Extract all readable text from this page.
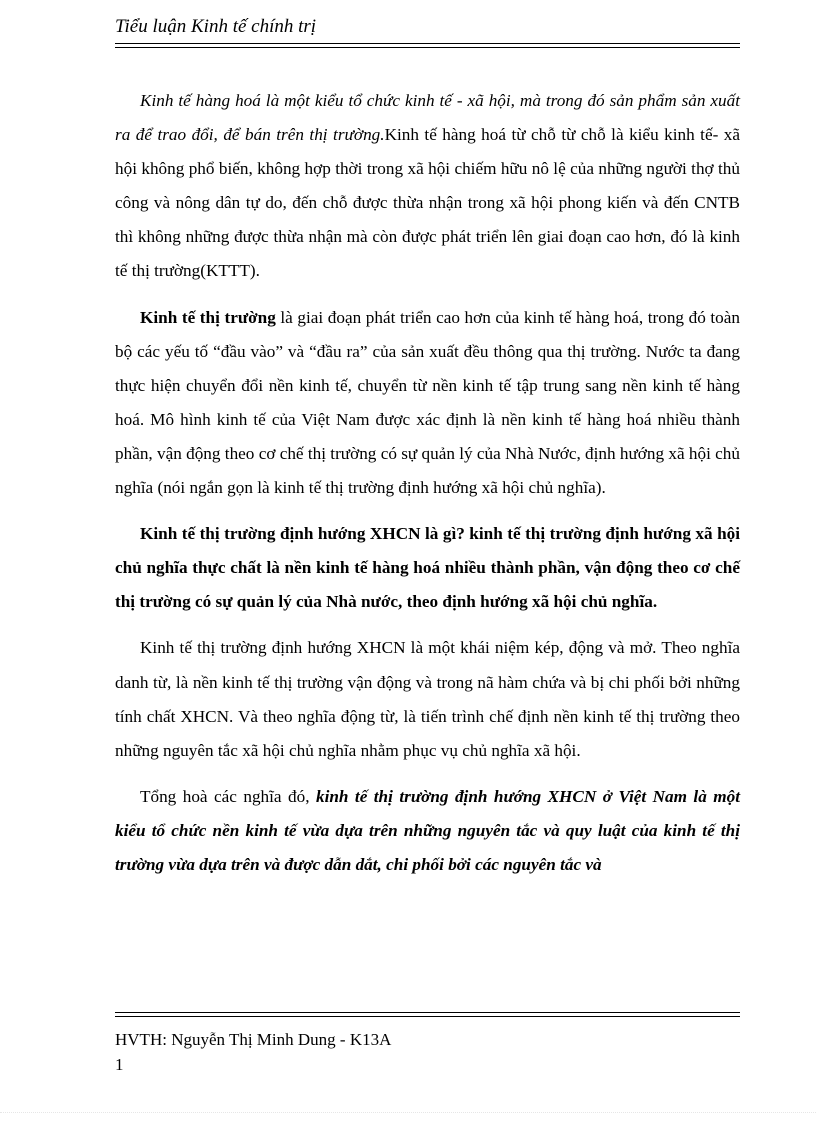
Tiểu luận Kinh tế chính trị

Kinh tế hàng hoá là một kiểu tổ chức kinh tế - xã hội, mà trong đó sản phẩm sản xuất ra để trao đổi, để bán trên thị trường.Kinh tế hàng hoá từ chỗ từ chỗ là kiểu kinh tế- xã hội không phổ biến, không hợp thời trong xã hội chiếm hữu nô lệ của những người thợ thủ công và nông dân tự do, đến chỗ được thừa nhận trong xã hội phong kiến và đến CNTB thì không những được thừa nhận mà còn được phát triển lên giai đoạn cao hơn, đó là kinh tế thị trường(KTTT).

Kinh tế thị trường là giai đoạn phát triển cao hơn của kinh tế hàng hoá, trong đó toàn bộ các yếu tố “đầu vào” và “đầu ra” của sản xuất đều thông qua thị trường. Nước ta đang thực hiện chuyển đổi nền kinh tế, chuyển từ nền kinh tế tập trung sang nền kinh tế hàng hoá. Mô hình kinh tế của Việt Nam được xác định là nền kinh tế hàng hoá nhiều thành phần, vận động theo cơ chế thị trường có sự quản lý của Nhà Nước, định hướng xã hội chủ nghĩa (nói ngắn gọn là kinh tế thị trường định hướng xã hội chủ nghĩa).

Kinh tế thị trường định hướng XHCN là gì? kinh tế thị trường định hướng xã hội chủ nghĩa thực chất là nền kinh tế hàng hoá nhiều thành phần, vận động theo cơ chế thị trường có sự quản lý của Nhà nước, theo định hướng xã hội chủ nghĩa.

Kinh tế thị trường định hướng XHCN là một khái niệm kép, động và mở. Theo nghĩa danh từ, là nền kinh tế thị trường vận động và trong nã hàm chứa và bị chi phối bởi những tính chất XHCN. Và theo nghĩa động từ, là tiến trình chế định nền kinh tế thị trường theo những nguyên tắc xã hội chủ nghĩa nhằm phục vụ chủ nghĩa xã hội.

Tổng hoà các nghĩa đó, kinh tế thị trường định hướng XHCN ở Việt Nam là một kiểu tổ chức nền kinh tế vừa dựa trên những nguyên tắc và quy luật của kinh tế thị trường vừa dựa trên và được dẫn dắt, chi phối bởi các nguyên tắc và

HVTH: Nguyễn Thị Minh Dung - K13A
1
